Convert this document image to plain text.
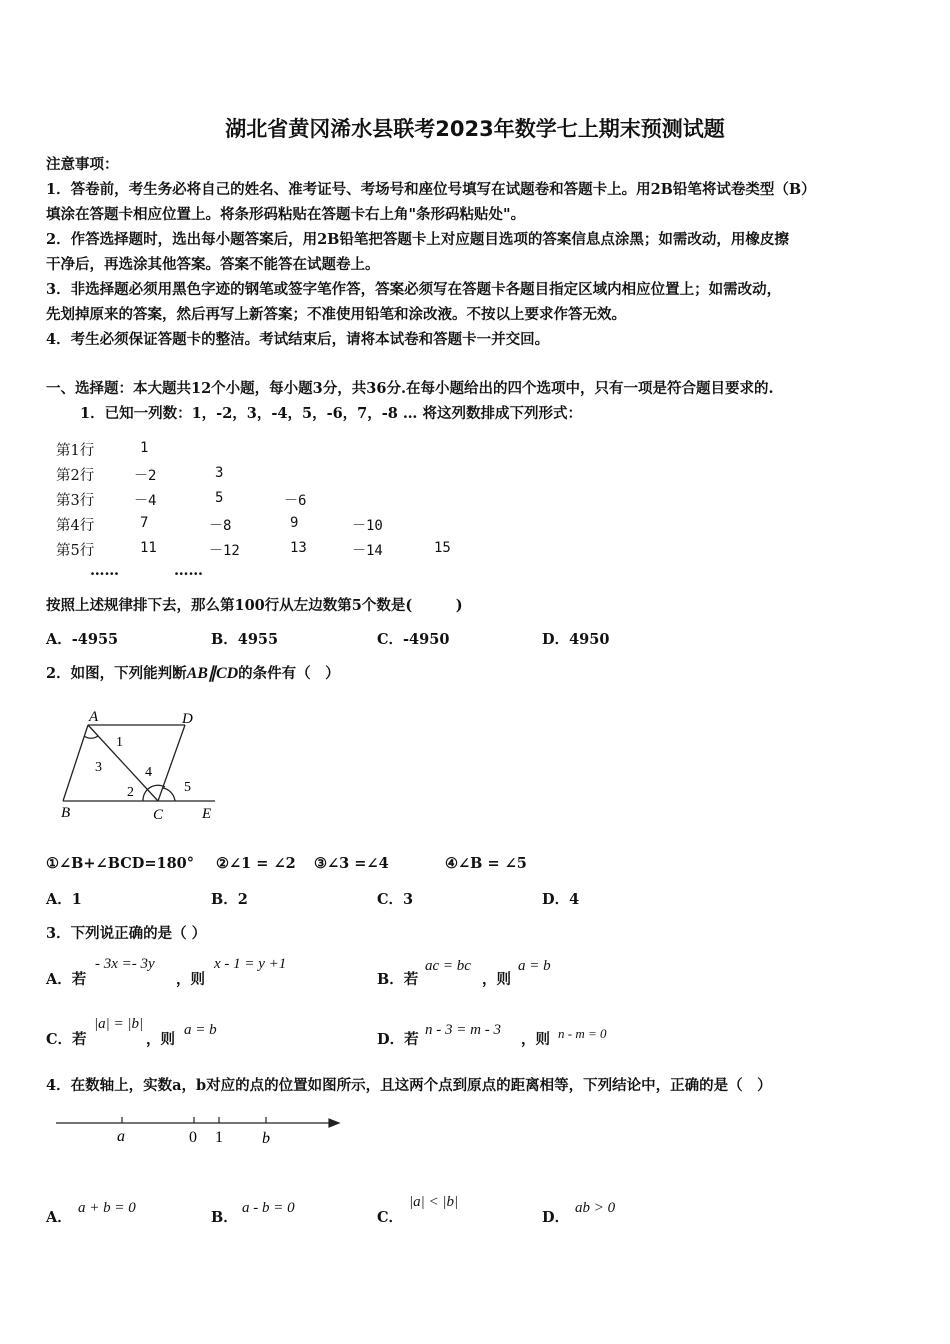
湖北省黄冈浠水县联考2023年数学七上期末预测试题
注意事项：
1．答卷前，考生务必将自己的姓名、准考证号、考场号和座位号填写在试题卷和答题卡上。用2B铅笔将试卷类型（B）
填涂在答题卡相应位置上。将条形码粘贴在答题卡右上角"条形码粘贴处"。
2．作答选择题时，选出每小题答案后，用2B铅笔把答题卡上对应题目选项的答案信息点涂黑；如需改动，用橡皮擦
干净后，再选涂其他答案。答案不能答在试题卷上。
3．非选择题必须用黑色字迹的钢笔或签字笔作答，答案必须写在答题卡各题目指定区域内相应位置上；如需改动，
先划掉原来的答案，然后再写上新答案；不准使用铅笔和涂改液。不按以上要求作答无效。
4．考生必须保证答题卡的整洁。考试结束后，请将本试卷和答题卡一并交回。
一、选择题：本大题共12个小题，每小题3分，共36分.在每小题给出的四个选项中，只有一项是符合题目要求的.
1．已知一列数：1，-2，3，-4，5，-6，7，-8 … 将这列数排成下列形式：
第1行	1
第2行	－2	3
第3行	－4	5	－6
第4行	7	－8	9	－10
第5行	11	－12	13	－14	15
……	……
按照上述规律排下去，那么第100行从左边数第5个数是(　　　)
A．-4955	B．4955	C．-4950	D．4950
2．如图，下列能判断AB∥CD的条件有（　）
A	D
B	C	E
1
3	4
2	5
①∠B+∠BCD=180° ②∠1 = ∠2 ③∠3 =∠4	④∠B = ∠5
A．1	B．2	C．3	D．4
3．下列说正确的是（ ）
A．若
- 3x =- 3y
，则
x - 1 = y +1
B．若
ac = bc
，则
a = b
C．若
|a| = |b|
，则
a = b
D．若
n - 3 = m - 3
，则 n - m = 0
4．在数轴上，实数a，b对应的点的位置如图所示，且这两个点到原点的距离相等，下列结论中，正确的是（　）
a	0 1 b
A．
a + b = 0
B．
a - b = 0
C．
|a| < |b|
D．
ab > 0
